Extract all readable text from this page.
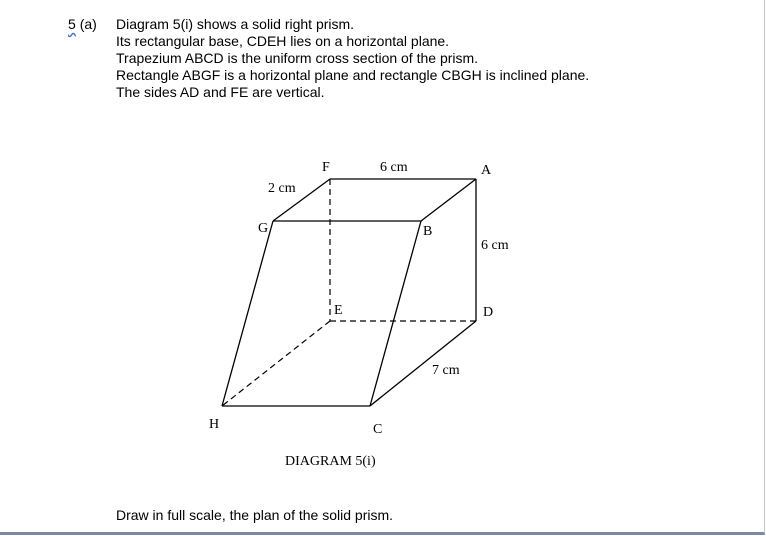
5 (a) Diagram 5(i) shows a solid right prism.
Its rectangular base, CDEH lies on a horizontal plane.
Trapezium ABCD is the uniform cross section of the prism.
Rectangle ABGF is a horizontal plane and rectangle CBGH is inclined plane.
The sides AD and FE are vertical.
F	A
G	B
E	D
H	C
6 cm
2 cm
6 cm
7 cm
DIAGRAM 5(i)
Draw in full scale, the plan of the solid prism.
